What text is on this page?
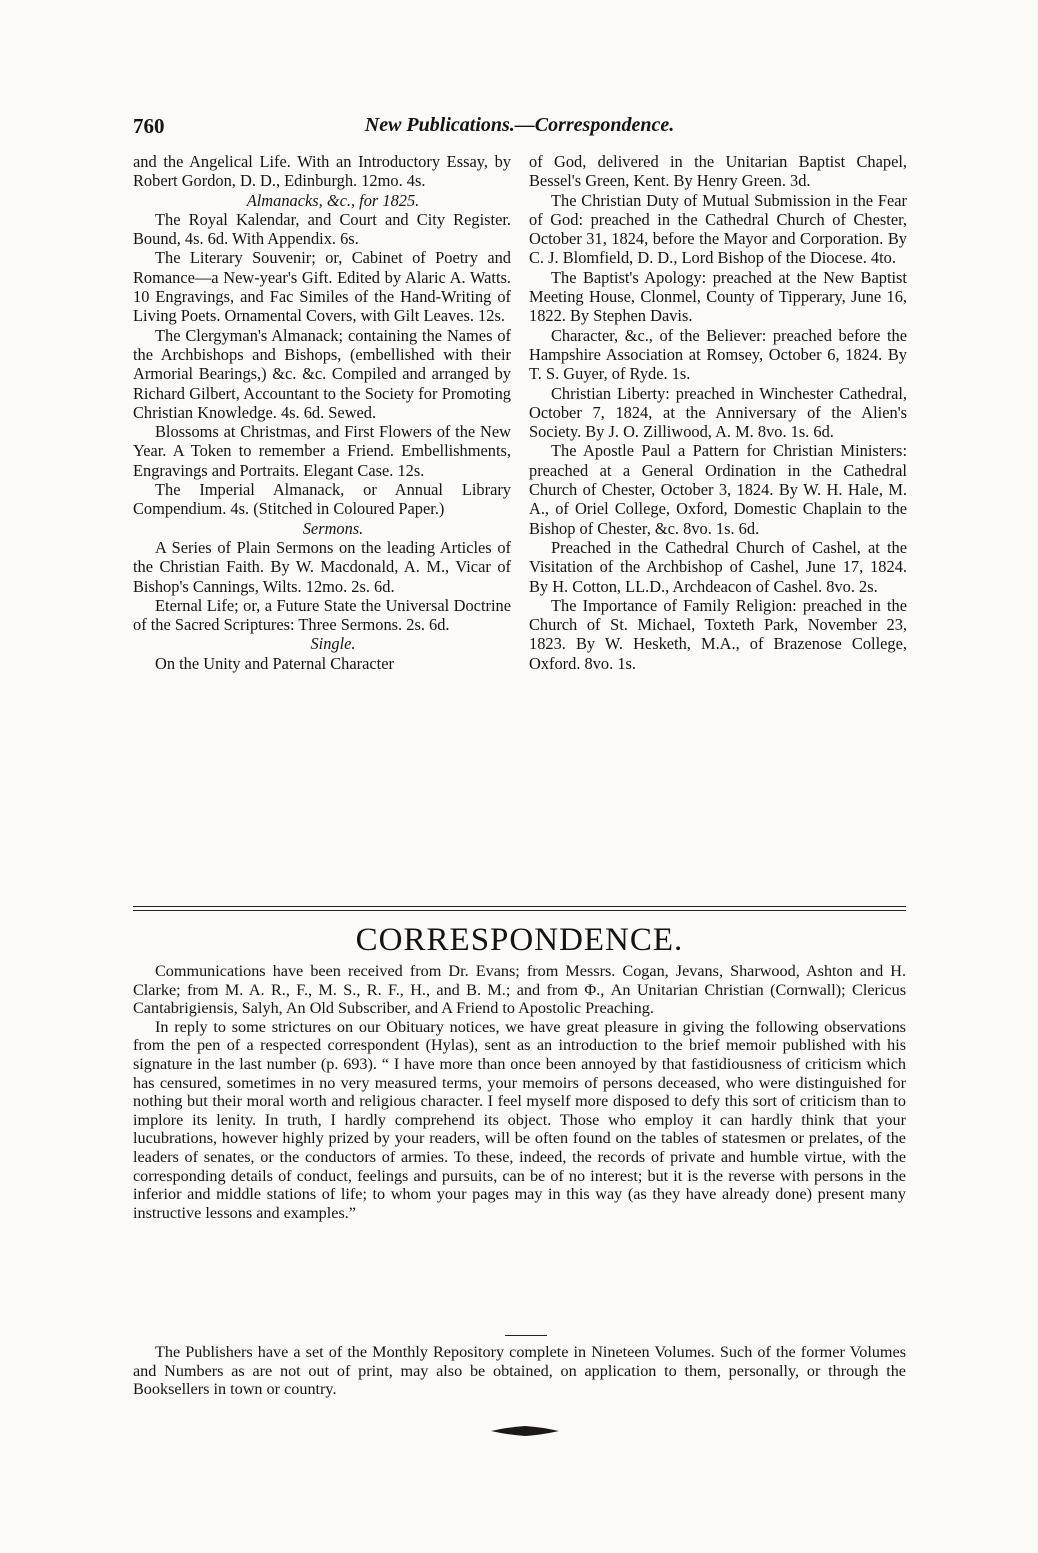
760	New Publications.—Correspondence.

and the Angelical Life. With an Introductory Essay, by Robert Gordon, D. D., Edinburgh. 12mo. 4s.

Almanacks, &c., for 1825.

The Royal Kalendar, and Court and City Register. Bound, 4s. 6d. With Appendix. 6s.

The Literary Souvenir; or, Cabinet of Poetry and Romance—a New-year's Gift. Edited by Alaric A. Watts. 10 Engravings, and Fac Similes of the Hand-Writing of Living Poets. Ornamental Covers, with Gilt Leaves. 12s.

The Clergyman's Almanack; containing the Names of the Archbishops and Bishops, (embellished with their Armorial Bearings,) &c. &c. Compiled and arranged by Richard Gilbert, Accountant to the Society for Promoting Christian Knowledge. 4s. 6d. Sewed.

Blossoms at Christmas, and First Flowers of the New Year. A Token to remember a Friend. Embellishments, Engravings and Portraits. Elegant Case. 12s.

The Imperial Almanack, or Annual Library Compendium. 4s. (Stitched in Coloured Paper.)

Sermons.

A Series of Plain Sermons on the leading Articles of the Christian Faith. By W. Macdonald, A. M., Vicar of Bishop's Cannings, Wilts. 12mo. 2s. 6d.

Eternal Life; or, a Future State the Universal Doctrine of the Sacred Scriptures: Three Sermons. 2s. 6d.

Single.

On the Unity and Paternal Character

of God, delivered in the Unitarian Baptist Chapel, Bessel's Green, Kent. By Henry Green. 3d.

The Christian Duty of Mutual Submission in the Fear of God: preached in the Cathedral Church of Chester, October 31, 1824, before the Mayor and Corporation. By C. J. Blomfield, D. D., Lord Bishop of the Diocese. 4to.

The Baptist's Apology: preached at the New Baptist Meeting House, Clonmel, County of Tipperary, June 16, 1822. By Stephen Davis.

Character, &c., of the Believer: preached before the Hampshire Association at Romsey, October 6, 1824. By T. S. Guyer, of Ryde. 1s.

Christian Liberty: preached in Winchester Cathedral, October 7, 1824, at the Anniversary of the Alien's Society. By J. O. Zilliwood, A. M. 8vo. 1s. 6d.

The Apostle Paul a Pattern for Christian Ministers: preached at a General Ordination in the Cathedral Church of Chester, October 3, 1824. By W. H. Hale, M. A., of Oriel College, Oxford, Domestic Chaplain to the Bishop of Chester, &c. 8vo. 1s. 6d.

Preached in the Cathedral Church of Cashel, at the Visitation of the Archbishop of Cashel, June 17, 1824. By H. Cotton, LL.D., Archdeacon of Cashel. 8vo. 2s.

The Importance of Family Religion: preached in the Church of St. Michael, Toxteth Park, November 23, 1823. By W. Hesketh, M.A., of Brazenose College, Oxford. 8vo. 1s.

CORRESPONDENCE.

Communications have been received from Dr. Evans; from Messrs. Cogan, Jevans, Sharwood, Ashton and H. Clarke; from M. A. R., F., M. S., R. F., H., and B. M.; and from Φ., An Unitarian Christian (Cornwall); Clericus Cantabrigiensis, Salyh, An Old Subscriber, and A Friend to Apostolic Preaching.

In reply to some strictures on our Obituary notices, we have great pleasure in giving the following observations from the pen of a respected correspondent (Hylas), sent as an introduction to the brief memoir published with his signature in the last number (p. 693). “ I have more than once been annoyed by that fastidiousness of criticism which has censured, sometimes in no very measured terms, your memoirs of persons deceased, who were distinguished for nothing but their moral worth and religious character. I feel myself more disposed to defy this sort of criticism than to implore its lenity. In truth, I hardly comprehend its object. Those who employ it can hardly think that your lucubrations, however highly prized by your readers, will be often found on the tables of statesmen or prelates, of the leaders of senates, or the conductors of armies. To these, indeed, the records of private and humble virtue, with the corresponding details of conduct, feelings and pursuits, can be of no interest; but it is the reverse with persons in the inferior and middle stations of life; to whom your pages may in this way (as they have already done) present many instructive lessons and examples.”

The Publishers have a set of the Monthly Repository complete in Nineteen Volumes. Such of the former Volumes and Numbers as are not out of print, may also be obtained, on application to them, personally, or through the Booksellers in town or country.
